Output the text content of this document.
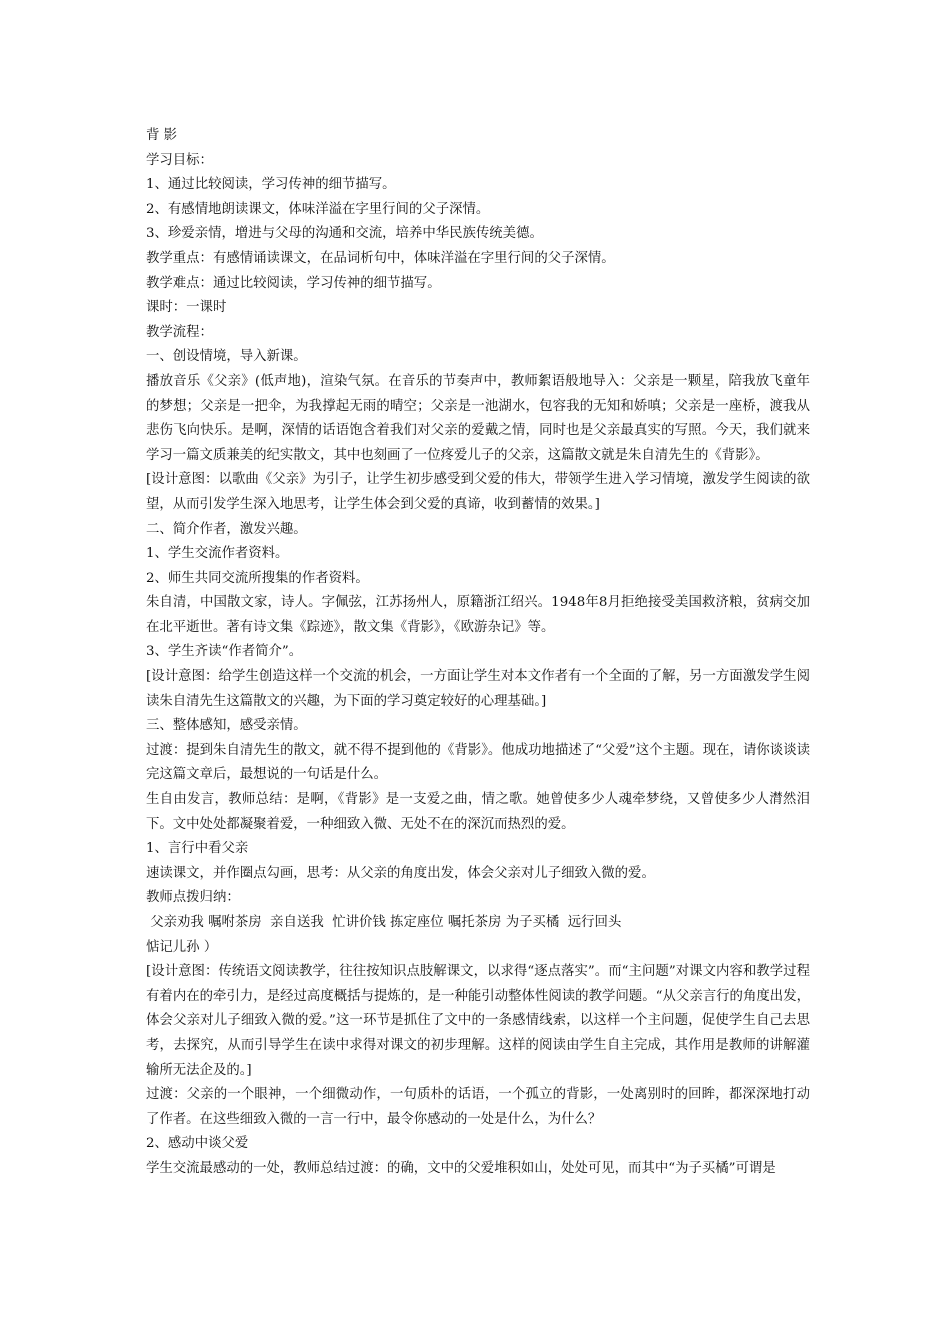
背 影

学习目标：

1、通过比较阅读，学习传神的细节描写。

2、有感情地朗读课文，体味洋溢在字里行间的父子深情。

3、珍爱亲情，增进与父母的沟通和交流，培养中华民族传统美德。

教学重点：有感情诵读课文，在品词析句中，体味洋溢在字里行间的父子深情。

教学难点：通过比较阅读，学习传神的细节描写。

课时：一课时

教学流程：

一、创设情境，导入新课。

播放音乐《父亲》(低声地)，渲染气氛。在音乐的节奏声中，教师絮语般地导入：父亲是一颗星，陪我放飞童年的梦想；父亲是一把伞，为我撑起无雨的晴空；父亲是一池湖水，包容我的无知和娇嗔；父亲是一座桥，渡我从悲伤飞向快乐。是啊，深情的话语饱含着我们对父亲的爱戴之情，同时也是父亲最真实的写照。今天，我们就来学习一篇文质兼美的纪实散文，其中也刻画了一位疼爱儿子的父亲，这篇散文就是朱自清先生的《背影》。

[设计意图：以歌曲《父亲》为引子，让学生初步感受到父爱的伟大，带领学生进入学习情境，激发学生阅读的欲望，从而引发学生深入地思考，让学生体会到父爱的真谛，收到蓄情的效果。]

二、简介作者，激发兴趣。

1、学生交流作者资料。

2、师生共同交流所搜集的作者资料。

朱自清，中国散文家，诗人。字佩弦，江苏扬州人，原籍浙江绍兴。1948年8月拒绝接受美国救济粮，贫病交加在北平逝世。著有诗文集《踪迹》，散文集《背影》，《欧游杂记》等。

3、学生齐读“作者简介”。

[设计意图：给学生创造这样一个交流的机会，一方面让学生对本文作者有一个全面的了解，另一方面激发学生阅读朱自清先生这篇散文的兴趣，为下面的学习奠定较好的心理基础。]

三、整体感知，感受亲情。

过渡：提到朱自清先生的散文，就不得不提到他的《背影》。他成功地描述了“父爱”这个主题。现在，请你谈谈读完这篇文章后，最想说的一句话是什么。

生自由发言，教师总结：是啊，《背影》是一支爱之曲，情之歌。她曾使多少人魂牵梦绕，又曾使多少人潸然泪下。文中处处都凝聚着爱，一种细致入微、无处不在的深沉而热烈的爱。

1、言行中看父亲

速读课文，并作圈点勾画，思考：从父亲的角度出发，体会父亲对儿子细致入微的爱。

教师点拨归纳：

父亲劝我 嘱咐茶房  亲自送我  忙讲价钱 拣定座位 嘱托茶房 为子买橘  远行回头

惦记儿孙 ）

[设计意图：传统语文阅读教学，往往按知识点肢解课文，以求得“逐点落实”。而“主问题”对课文内容和教学过程有着内在的牵引力，是经过高度概括与提炼的，是一种能引动整体性阅读的教学问题。“从父亲言行的角度出发，体会父亲对儿子细致入微的爱。”这一环节是抓住了文中的一条感情线索，以这样一个主问题，促使学生自己去思考，去探究，从而引导学生在读中求得对课文的初步理解。这样的阅读由学生自主完成，其作用是教师的讲解灌输所无法企及的。]

过渡：父亲的一个眼神，一个细微动作，一句质朴的话语，一个孤立的背影，一处离别时的回眸，都深深地打动了作者。在这些细致入微的一言一行中，最令你感动的一处是什么，为什么？

2、感动中谈父爱

学生交流最感动的一处，教师总结过渡：的确，文中的父爱堆积如山，处处可见，而其中“为子买橘”可谓是
